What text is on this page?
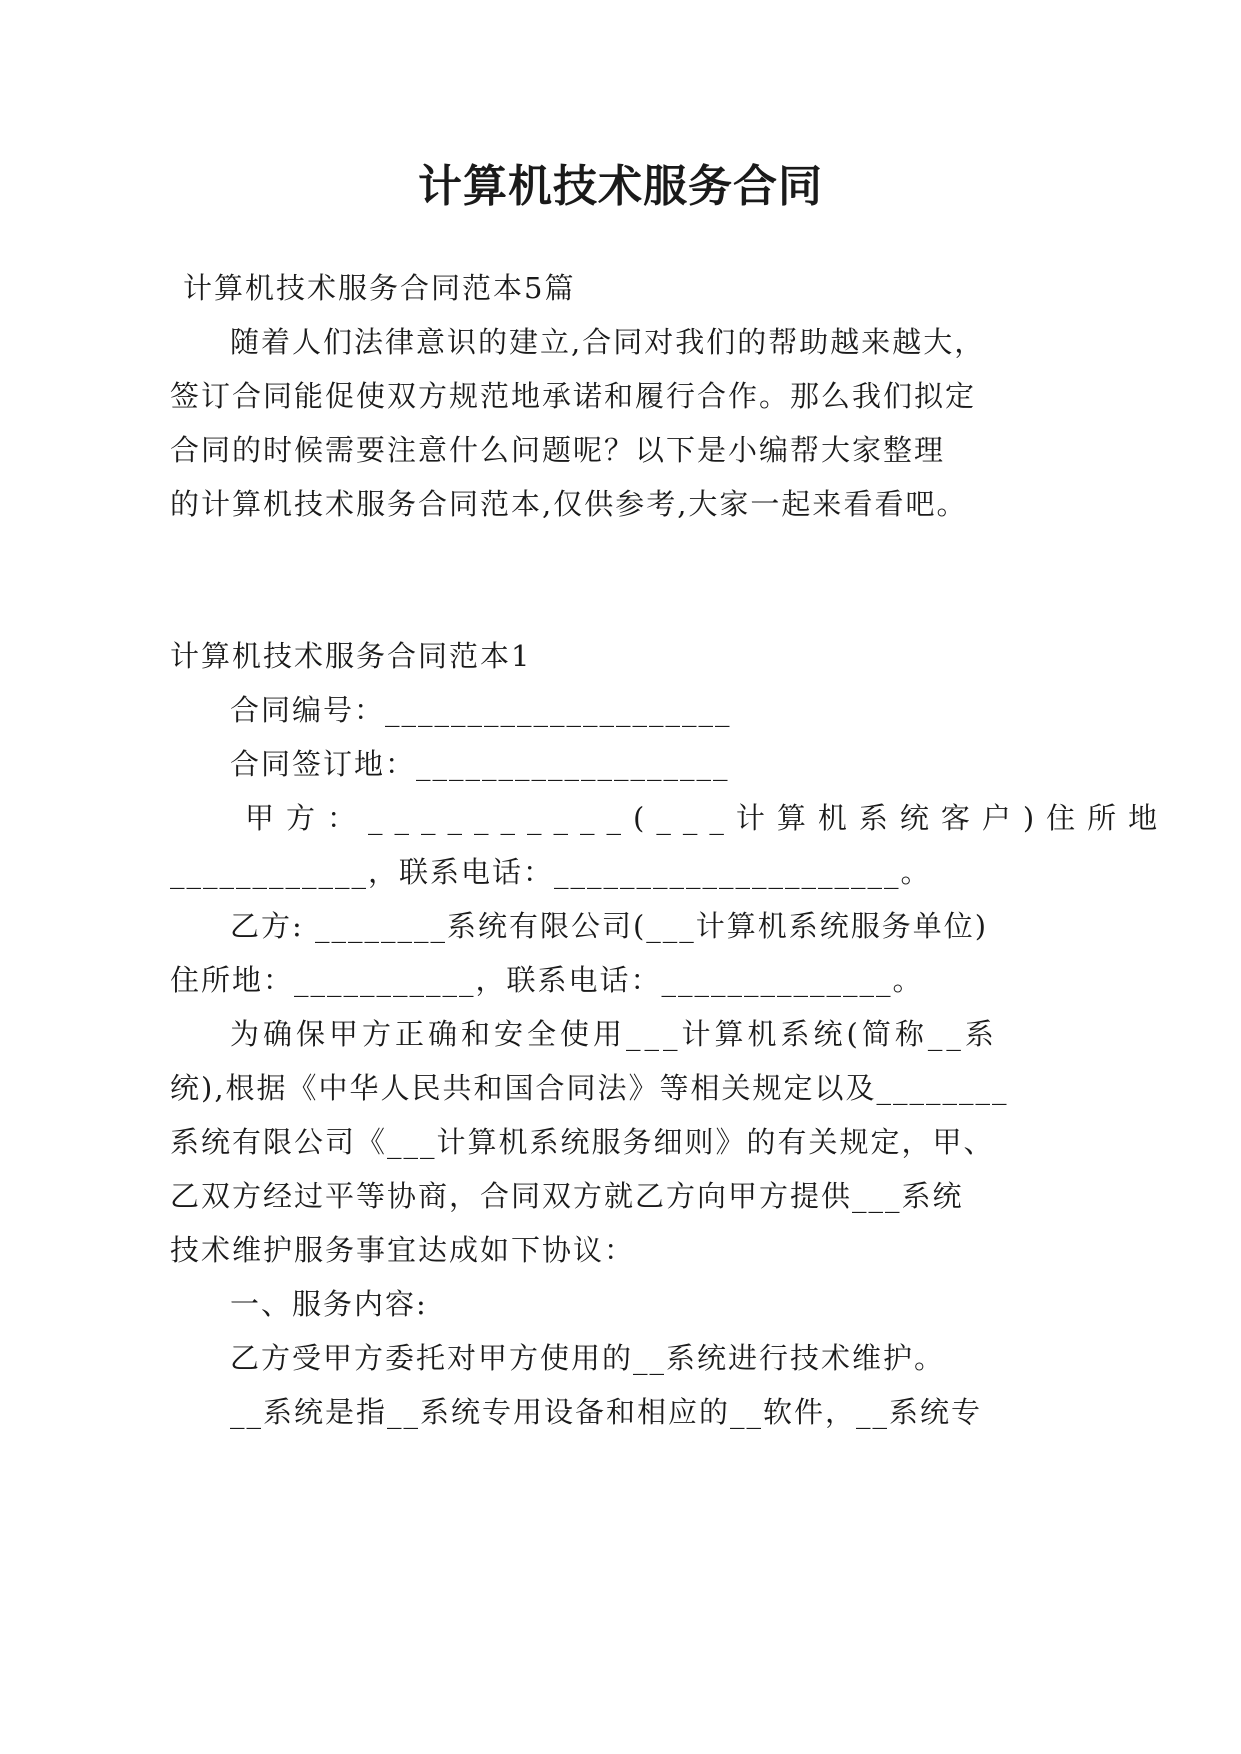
计算机技术服务合同

计算机技术服务合同范本5篇

随着人们法律意识的建立,合同对我们的帮助越来越大，

签订合同能促使双方规范地承诺和履行合作。那么我们拟定

合同的时候需要注意什么问题呢？以下是小编帮大家整理

的计算机技术服务合同范本,仅供参考,大家一起来看看吧。

计算机技术服务合同范本1

合同编号：_____________________

合同签订地：___________________

甲方：__________(___计算机系统客户)住所地

____________，联系电话：_____________________。

乙方: ________系统有限公司(___计算机系统服务单位)

住所地：___________，联系电话：______________。

为确保甲方正确和安全使用___计算机系统(简称__系

统),根据《中华人民共和国合同法》等相关规定以及________

系统有限公司《___计算机系统服务细则》的有关规定，甲、

乙双方经过平等协商，合同双方就乙方向甲方提供___系统

技术维护服务事宜达成如下协议：

一、服务内容:

乙方受甲方委托对甲方使用的__系统进行技术维护。

__系统是指__系统专用设备和相应的__软件，__系统专
